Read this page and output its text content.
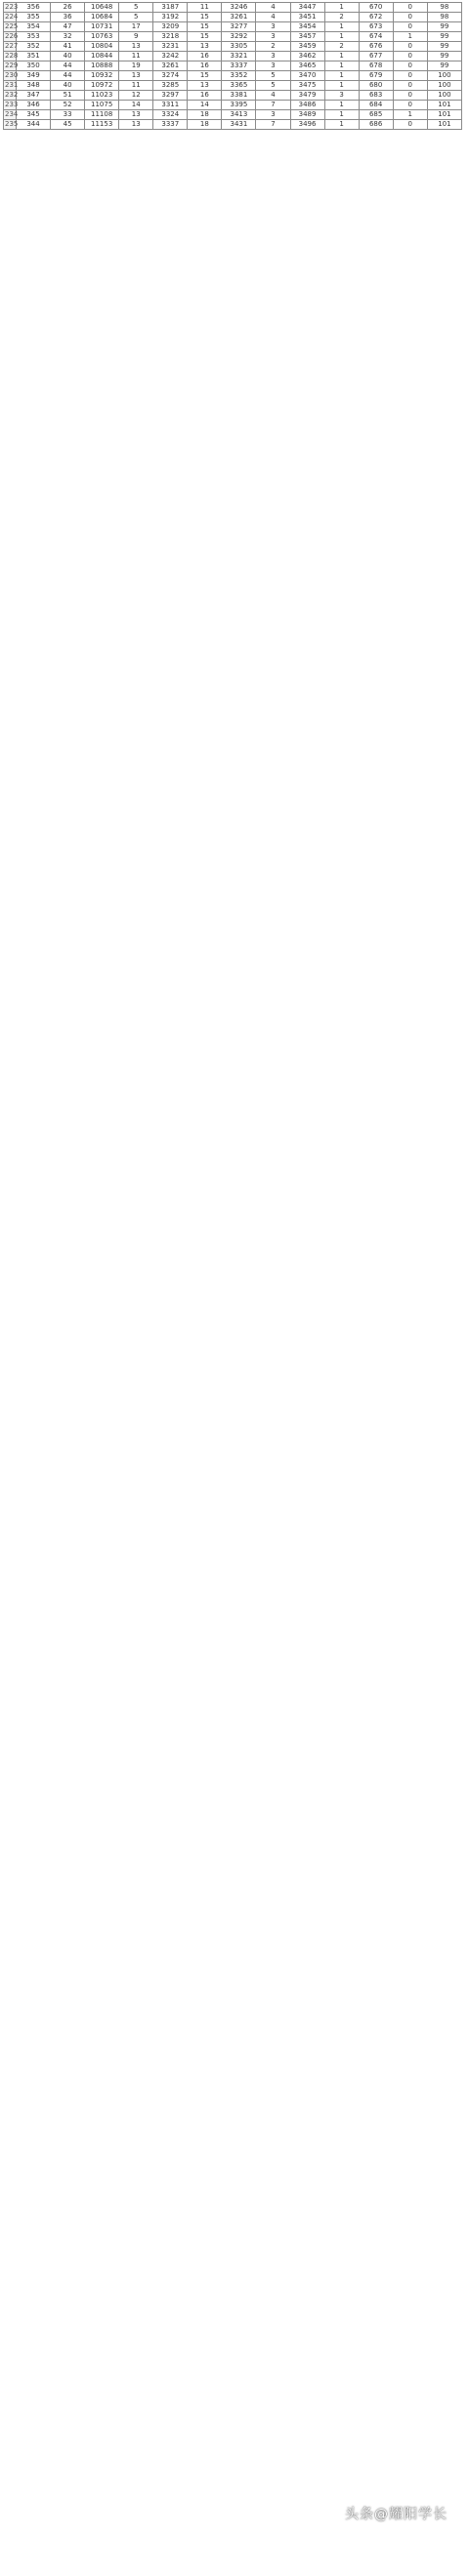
223	356	26	10648	5	3187	11	3246	4	3447	1	670	0	98
224	355	36	10684	5	3192	15	3261	4	3451	2	672	0	98
225	354	47	10731	17	3209	15	3277	3	3454	1	673	0	99
226	353	32	10763	9	3218	15	3292	3	3457	1	674	1	99
227	352	41	10804	13	3231	13	3305	2	3459	2	676	0	99
228	351	40	10844	11	3242	16	3321	3	3462	1	677	0	99
229	350	44	10888	19	3261	16	3337	3	3465	1	678	0	99
230	349	44	10932	13	3274	15	3352	5	3470	1	679	0	100
231	348	40	10972	11	3285	13	3365	5	3475	1	680	0	100
232	347	51	11023	12	3297	16	3381	4	3479	3	683	0	100
233	346	52	11075	14	3311	14	3395	7	3486	1	684	0	101
234	345	33	11108	13	3324	18	3413	3	3489	1	685	1	101
235	344	45	11153	13	3337	18	3431	7	3496	1	686	0	101
头条@耀阳学长
